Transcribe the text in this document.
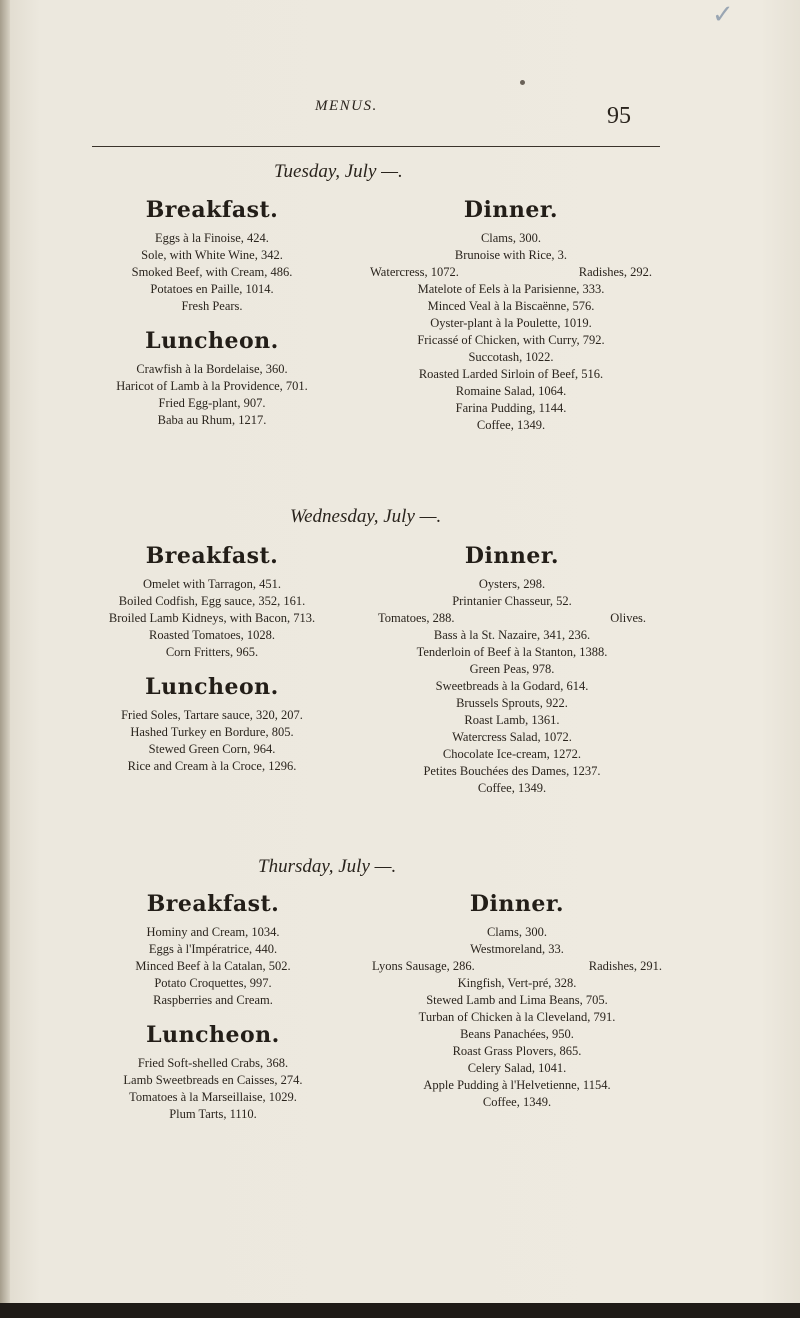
✓
MENUS.	95
Tuesday, July —.
Breakfast.
Eggs à la Finoise, 424.
Sole, with White Wine, 342.
Smoked Beef, with Cream, 486.
Potatoes en Paille, 1014.
Fresh Pears.
Luncheon.
Crawfish à la Bordelaise, 360.
Haricot of Lamb à la Providence, 701.
Fried Egg-plant, 907.
Baba au Rhum, 1217.
Dinner.
Clams, 300.
Brunoise with Rice, 3.
Watercress, 1072.	Radishes, 292.
Matelote of Eels à la Parisienne, 333.
Minced Veal à la Biscaënne, 576.
Oyster-plant à la Poulette, 1019.
Fricassé of Chicken, with Curry, 792.
Succotash, 1022.
Roasted Larded Sirloin of Beef, 516.
Romaine Salad, 1064.
Farina Pudding, 1144.
Coffee, 1349.
Wednesday, July —.
Breakfast.
Omelet with Tarragon, 451.
Boiled Codfish, Egg sauce, 352, 161.
Broiled Lamb Kidneys, with Bacon, 713.
Roasted Tomatoes, 1028.
Corn Fritters, 965.
Luncheon.
Fried Soles, Tartare sauce, 320, 207.
Hashed Turkey en Bordure, 805.
Stewed Green Corn, 964.
Rice and Cream à la Croce, 1296.
Dinner.
Oysters, 298.
Printanier Chasseur, 52.
Tomatoes, 288.	Olives.
Bass à la St. Nazaire, 341, 236.
Tenderloin of Beef à la Stanton, 1388.
Green Peas, 978.
Sweetbreads à la Godard, 614.
Brussels Sprouts, 922.
Roast Lamb, 1361.
Watercress Salad, 1072.
Chocolate Ice-cream, 1272.
Petites Bouchées des Dames, 1237.
Coffee, 1349.
Thursday, July —.
Breakfast.
Hominy and Cream, 1034.
Eggs à l'Impératrice, 440.
Minced Beef à la Catalan, 502.
Potato Croquettes, 997.
Raspberries and Cream.
Luncheon.
Fried Soft-shelled Crabs, 368.
Lamb Sweetbreads en Caisses, 274.
Tomatoes à la Marseillaise, 1029.
Plum Tarts, 1110.
Dinner.
Clams, 300.
Westmoreland, 33.
Lyons Sausage, 286.	Radishes, 291.
Kingfish, Vert-pré, 328.
Stewed Lamb and Lima Beans, 705.
Turban of Chicken à la Cleveland, 791.
Beans Panachées, 950.
Roast Grass Plovers, 865.
Celery Salad, 1041.
Apple Pudding à l'Helvetienne, 1154.
Coffee, 1349.
